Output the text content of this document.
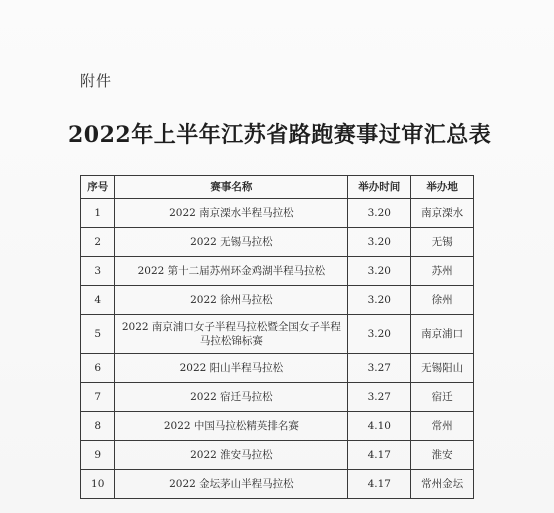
附件
2022年上半年江苏省路跑赛事过审汇总表
序号	赛事名称	举办时间	举办地
1	2022 南京溧水半程马拉松	3.20	南京溧水
2	2022 无锡马拉松	3.20	无锡
3	2022 第十二届苏州环金鸡湖半程马拉松	3.20	苏州
4	2022 徐州马拉松	3.20	徐州
5	2022 南京浦口女子半程马拉松暨全国女子半程马拉松锦标赛	3.20	南京浦口
6	2022 阳山半程马拉松	3.27	无锡阳山
7	2022 宿迁马拉松	3.27	宿迁
8	2022 中国马拉松精英排名赛	4.10	常州
9	2022 淮安马拉松	4.17	淮安
10	2022 金坛茅山半程马拉松	4.17	常州金坛
